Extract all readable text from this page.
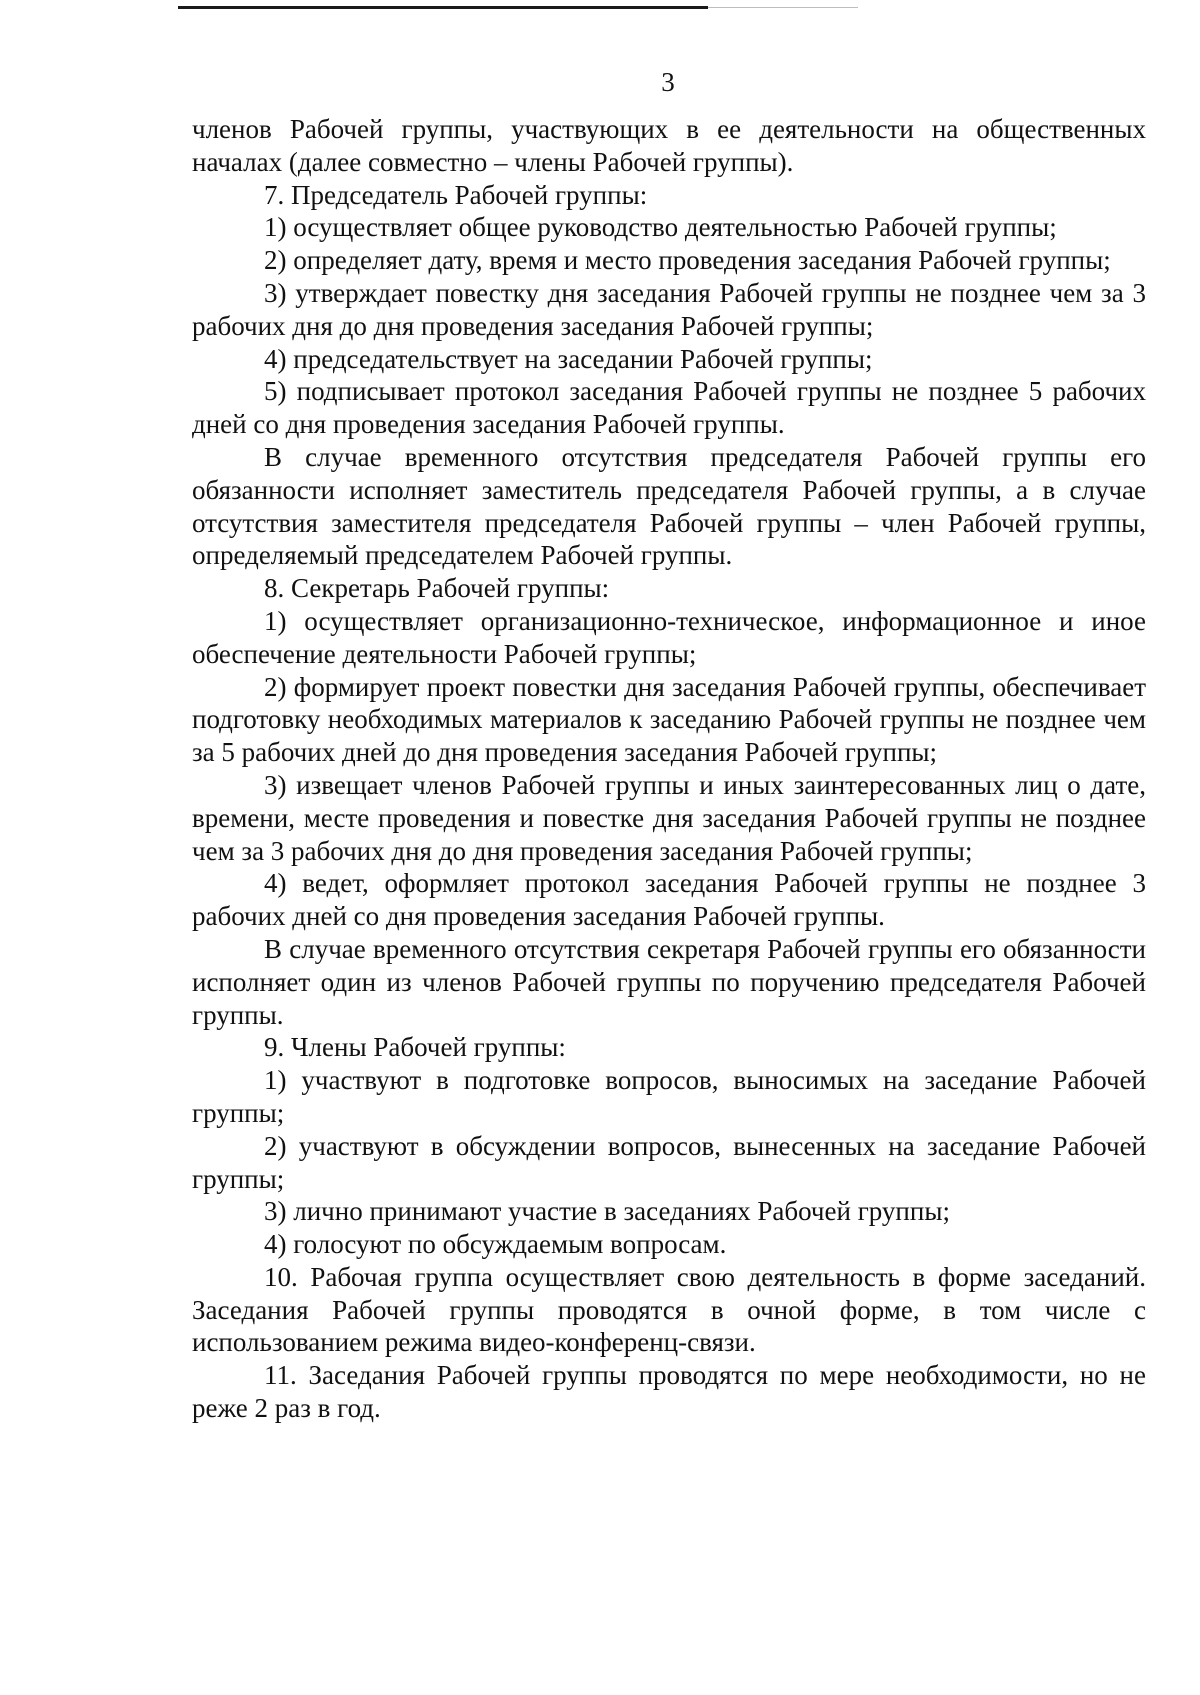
3

членов Рабочей группы, участвующих в ее деятельности на общественных началах (далее совместно – члены Рабочей группы).

7. Председатель Рабочей группы:

1) осуществляет общее руководство деятельностью Рабочей группы;

2) определяет дату, время и место проведения заседания Рабочей группы;

3) утверждает повестку дня заседания Рабочей группы не позднее чем за 3 рабочих дня до дня проведения заседания Рабочей группы;

4) председательствует на заседании Рабочей группы;

5) подписывает протокол заседания Рабочей группы не позднее 5 рабочих дней со дня проведения заседания Рабочей группы.

В случае временного отсутствия председателя Рабочей группы его обязанности исполняет заместитель председателя Рабочей группы, а в случае отсутствия заместителя председателя Рабочей группы – член Рабочей группы, определяемый председателем Рабочей группы.

8. Секретарь Рабочей группы:

1) осуществляет организационно-техническое, информационное и иное обеспечение деятельности Рабочей группы;

2) формирует проект повестки дня заседания Рабочей группы, обеспечивает подготовку необходимых материалов к заседанию Рабочей группы не позднее чем за 5 рабочих дней до дня проведения заседания Рабочей группы;

3) извещает членов Рабочей группы и иных заинтересованных лиц о дате, времени, месте проведения и повестке дня заседания Рабочей группы не позднее чем за 3 рабочих дня до дня проведения заседания Рабочей группы;

4) ведет, оформляет протокол заседания Рабочей группы не позднее 3 рабочих дней со дня проведения заседания Рабочей группы.

В случае временного отсутствия секретаря Рабочей группы его обязанности исполняет один из членов Рабочей группы по поручению председателя Рабочей группы.

9. Члены Рабочей группы:

1) участвуют в подготовке вопросов, выносимых на заседание Рабочей группы;

2) участвуют в обсуждении вопросов, вынесенных на заседание Рабочей группы;

3) лично принимают участие в заседаниях Рабочей группы;

4) голосуют по обсуждаемым вопросам.

10. Рабочая группа осуществляет свою деятельность в форме заседаний. Заседания Рабочей группы проводятся в очной форме, в том числе с использованием режима видео-конференц-связи.

11. Заседания Рабочей группы проводятся по мере необходимости, но не реже 2 раз в год.
